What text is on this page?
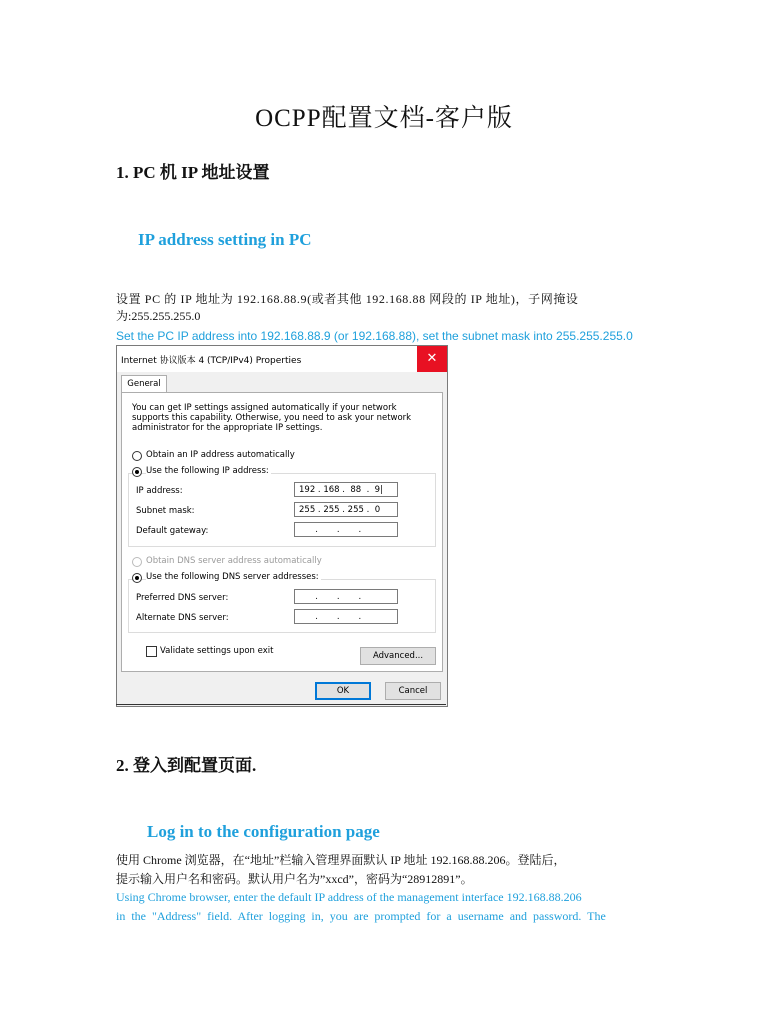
OCPP配置文档-客户版
1. PC 机 IP 地址设置
IP address setting in PC
设置 PC 的 IP 地址为 192.168.88.9(或者其他 192.168.88 网段的 IP 地址)，子网掩设
为:255.255.255.0
Set the PC IP address into 192.168.88.9 (or 192.168.88), set the subnet mask into 255.255.255.0
Internet 协议版本 4 (TCP/IPv4) Properties	✕
General
You can get IP settings assigned automatically if your network supports this capability. Otherwise, you need to ask your network administrator for the appropriate IP settings.
Obtain an IP address automatically
Use the following IP address:
IP address:	192 . 168 .  88  .  9|
Subnet mask:	255 . 255 . 255 .  0
Default gateway:	.       .       .
Obtain DNS server address automatically
Use the following DNS server addresses:
Preferred DNS server:	.       .       .
Alternate DNS server:	.       .       .
Validate settings upon exit	Advanced...
OK	Cancel
2. 登入到配置页面.
Log in to the configuration page
使用 Chrome 浏览器，在“地址”栏输入管理界面默认 IP 地址 192.168.88.206。登陆后，
提示输入用户名和密码。默认用户名为”xxcd”，密码为“28912891”。
Using Chrome browser, enter the default IP address of the management interface 192.168.88.206
in the "Address" field. After logging in, you are prompted for a username and password. The
